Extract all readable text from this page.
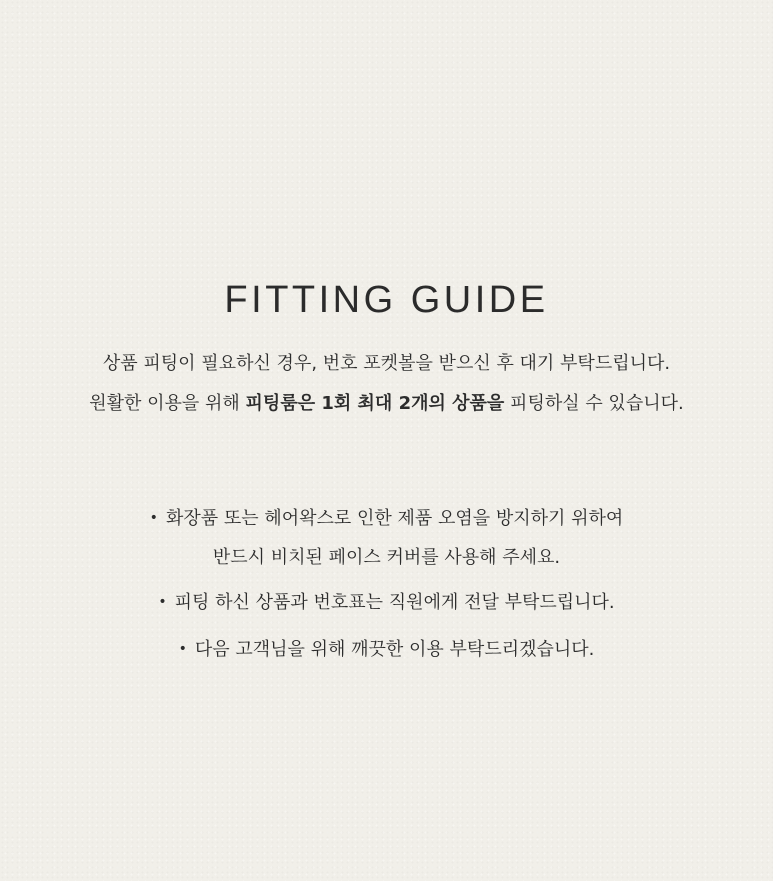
FITTING GUIDE
상품 피팅이 필요하신 경우, 번호 포켓볼을 받으신 후 대기 부탁드립니다.
원활한 이용을 위해 피팅룸은 1회 최대 2개의 상품을 피팅하실 수 있습니다.
• 화장품 또는 헤어왁스로 인한 제품 오염을 방지하기 위하여
반드시 비치된 페이스 커버를 사용해 주세요.
• 피팅 하신 상품과 번호표는 직원에게 전달 부탁드립니다.
• 다음 고객님을 위해 깨끗한 이용 부탁드리겠습니다.
